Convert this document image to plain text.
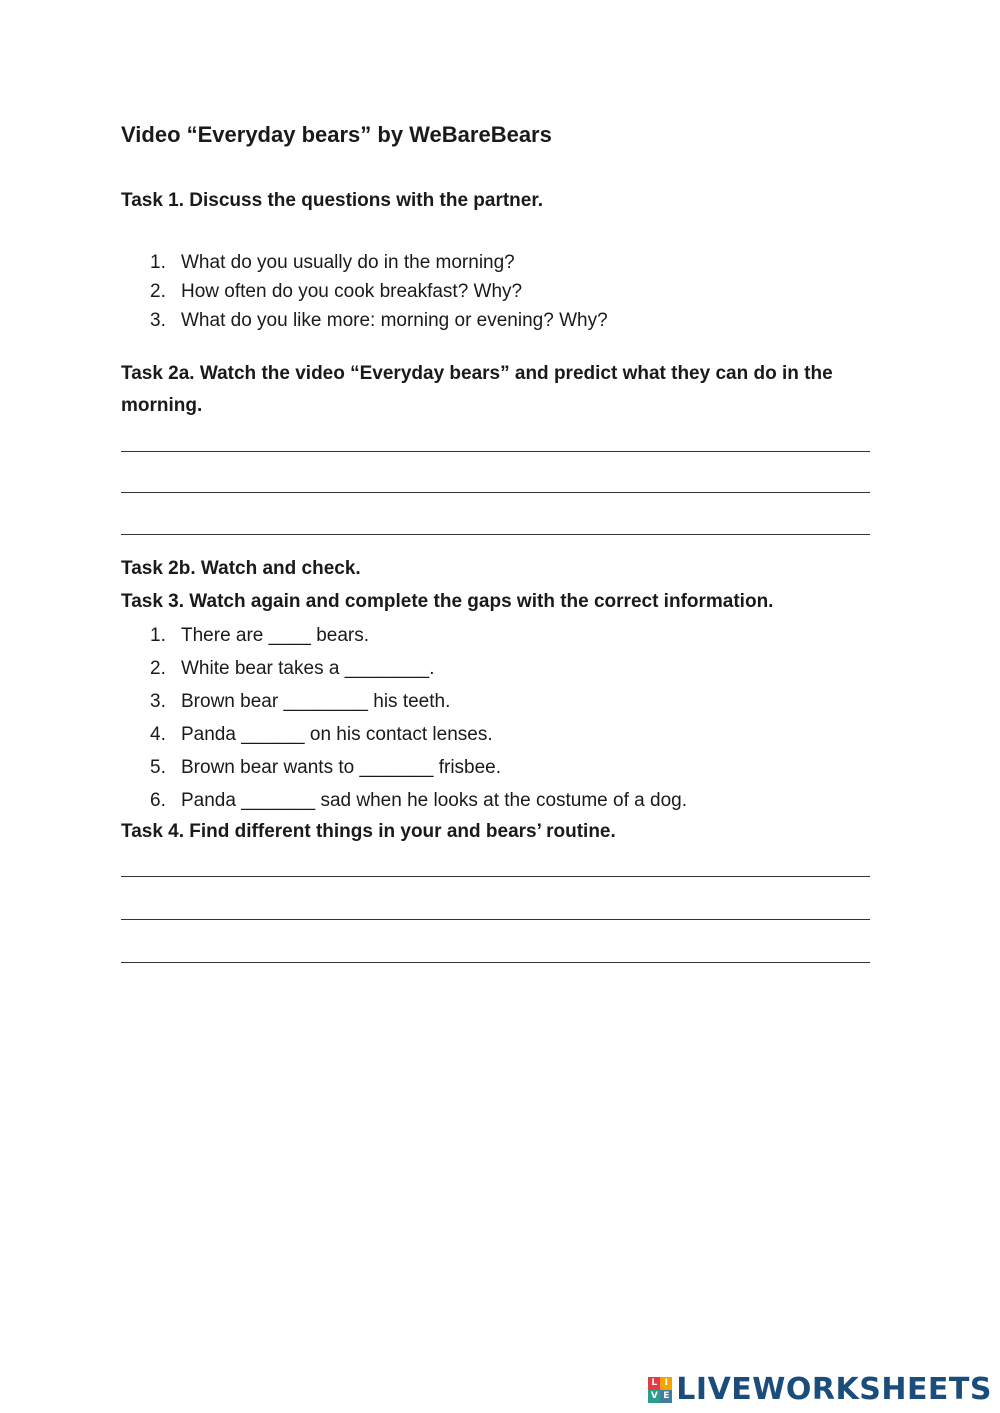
Video “Everyday bears” by WeBareBears

Task 1. Discuss the questions with the partner.

1. What do you usually do in the morning?
2. How often do you cook breakfast? Why?
3. What do you like more: morning or evening? Why?

Task 2a. Watch the video “Everyday bears” and predict what they can do in the morning.

Task 2b. Watch and check.

Task 3. Watch again and complete the gaps with the correct information.

1. There are ____ bears.
2. White bear takes a ________.
3. Brown bear ________ his teeth.
4. Panda ______ on his contact lenses.
5. Brown bear wants to _______ frisbee.
6. Panda _______ sad when he looks at the costume of a dog.

Task 4. Find different things in your and bears’ routine.

L I
V E LIVEWORKSHEETS
